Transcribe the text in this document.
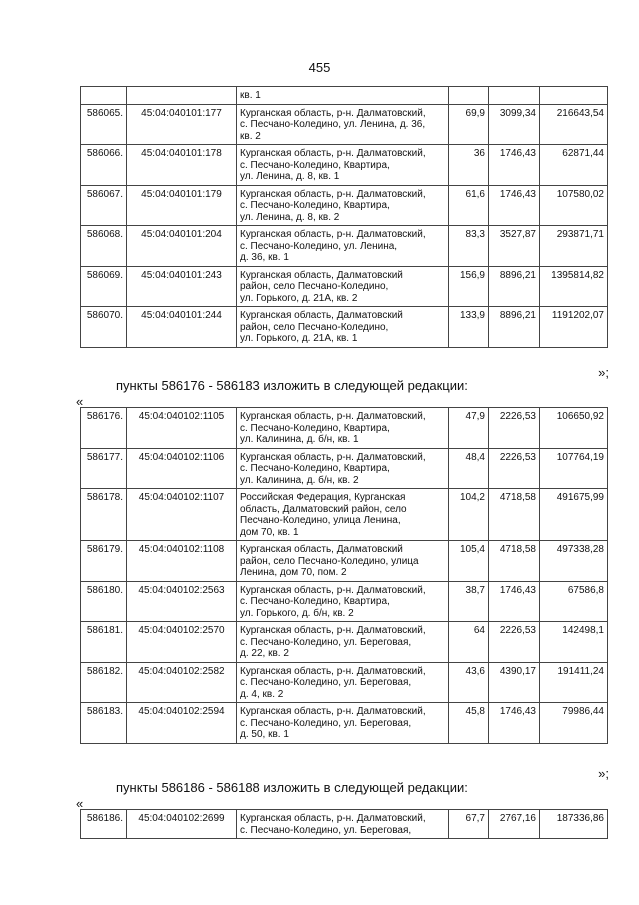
455

		кв. 1			

586065.	45:04:040101:177	Курганская область, р-н. Далматовский,
с. Песчано-Коледино, ул. Ленина, д. 36,
кв. 2	69,9	3099,34	216643,54
586066.	45:04:040101:178	Курганская область, р-н. Далматовский,
с. Песчано-Коледино, Квартира,
ул. Ленина, д. 8, кв. 1	36	1746,43	62871,44
586067.	45:04:040101:179	Курганская область, р-н. Далматовский,
с. Песчано-Коледино, Квартира,
ул. Ленина, д. 8, кв. 2	61,6	1746,43	107580,02
586068.	45:04:040101:204	Курганская область, р-н. Далматовский,
с. Песчано-Коледино, ул. Ленина,
д. 36, кв. 1	83,3	3527,87	293871,71
586069.	45:04:040101:243	Курганская область, Далматовский
район, село Песчано-Коледино,
ул. Горького, д. 21А, кв. 2	156,9	8896,21	1395814,82
586070.	45:04:040101:244	Курганская область, Далматовский
район, село Песчано-Коледино,
ул. Горького, д. 21А, кв. 1	133,9	8896,21	1191202,07
»;
пункты 586176 - 586183 изложить в следующей редакции:
«
586176.	45:04:040102:1105	Курганская область, р-н. Далматовский,
с. Песчано-Коледино, Квартира,
ул. Калинина, д. б/н, кв. 1	47,9	2226,53	106650,92
586177.	45:04:040102:1106	Курганская область, р-н. Далматовский,
с. Песчано-Коледино, Квартира,
ул. Калинина, д. б/н, кв. 2	48,4	2226,53	107764,19
586178.	45:04:040102:1107	Российская Федерация, Курганская
область, Далматовский район, село
Песчано-Коледино, улица Ленина,
дом 70, кв. 1	104,2	4718,58	491675,99
586179.	45:04:040102:1108	Курганская область, Далматовский
район, село Песчано-Коледино, улица
Ленина, дом 70, пом. 2	105,4	4718,58	497338,28
586180.	45:04:040102:2563	Курганская область, р-н. Далматовский,
с. Песчано-Коледино, Квартира,
ул. Горького, д. б/н, кв. 2	38,7	1746,43	67586,8
586181.	45:04:040102:2570	Курганская область, р-н. Далматовский,
с. Песчано-Коледино, ул. Береговая,
д. 22, кв. 2	64	2226,53	142498,1
586182.	45:04:040102:2582	Курганская область, р-н. Далматовский,
с. Песчано-Коледино, ул. Береговая,
д. 4, кв. 2	43,6	4390,17	191411,24
586183.	45:04:040102:2594	Курганская область, р-н. Далматовский,
с. Песчано-Коледино, ул. Береговая,
д. 50, кв. 1	45,8	1746,43	79986,44
»;
пункты 586186 - 586188 изложить в следующей редакции:
«
586186.	45:04:040102:2699	Курганская область, р-н. Далматовский,
с. Песчано-Коледино, ул. Береговая,
	67,7	2767,16	187336,86
